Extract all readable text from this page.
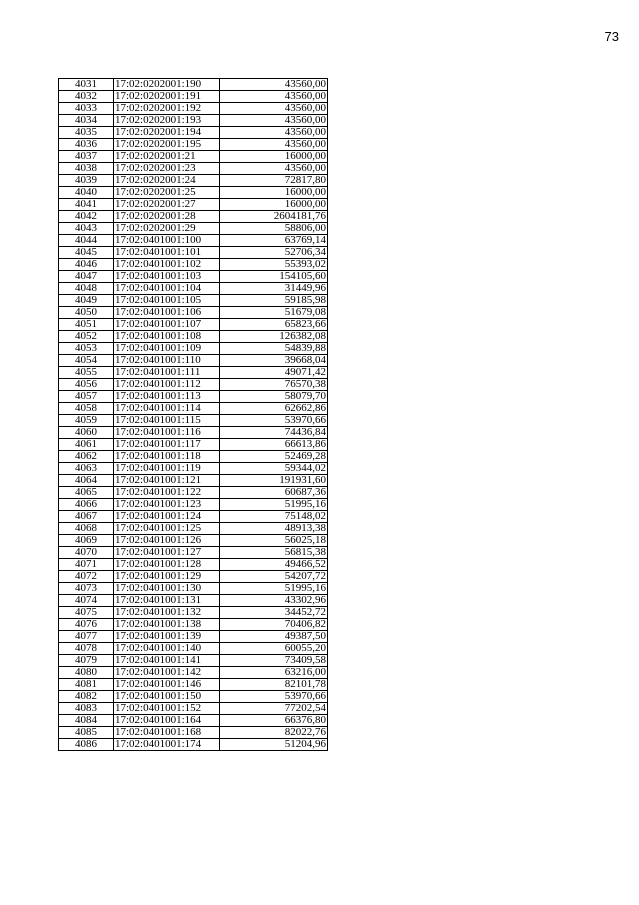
73
4031	17:02:0202001:190	43560,00
4032	17:02:0202001:191	43560,00
4033	17:02:0202001:192	43560,00
4034	17:02:0202001:193	43560,00
4035	17:02:0202001:194	43560,00
4036	17:02:0202001:195	43560,00
4037	17:02:0202001:21	16000,00
4038	17:02:0202001:23	43560,00
4039	17:02:0202001:24	72817,80
4040	17:02:0202001:25	16000,00
4041	17:02:0202001:27	16000,00
4042	17:02:0202001:28	2604181,76
4043	17:02:0202001:29	58806,00
4044	17:02:0401001:100	63769,14
4045	17:02:0401001:101	52706,34
4046	17:02:0401001:102	55393,02
4047	17:02:0401001:103	154105,60
4048	17:02:0401001:104	31449,96
4049	17:02:0401001:105	59185,98
4050	17:02:0401001:106	51679,08
4051	17:02:0401001:107	65823,66
4052	17:02:0401001:108	126382,08
4053	17:02:0401001:109	54839,88
4054	17:02:0401001:110	39668,04
4055	17:02:0401001:111	49071,42
4056	17:02:0401001:112	76570,38
4057	17:02:0401001:113	58079,70
4058	17:02:0401001:114	62662,86
4059	17:02:0401001:115	53970,66
4060	17:02:0401001:116	74436,84
4061	17:02:0401001:117	66613,86
4062	17:02:0401001:118	52469,28
4063	17:02:0401001:119	59344,02
4064	17:02:0401001:121	191931,60
4065	17:02:0401001:122	60687,36
4066	17:02:0401001:123	51995,16
4067	17:02:0401001:124	75148,02
4068	17:02:0401001:125	48913,38
4069	17:02:0401001:126	56025,18
4070	17:02:0401001:127	56815,38
4071	17:02:0401001:128	49466,52
4072	17:02:0401001:129	54207,72
4073	17:02:0401001:130	51995,16
4074	17:02:0401001:131	43302,96
4075	17:02:0401001:132	34452,72
4076	17:02:0401001:138	70406,82
4077	17:02:0401001:139	49387,50
4078	17:02:0401001:140	60055,20
4079	17:02:0401001:141	73409,58
4080	17:02:0401001:142	63216,00
4081	17:02:0401001:146	82101,78
4082	17:02:0401001:150	53970,66
4083	17:02:0401001:152	77202,54
4084	17:02:0401001:164	66376,80
4085	17:02:0401001:168	82022,76
4086	17:02:0401001:174	51204,96
